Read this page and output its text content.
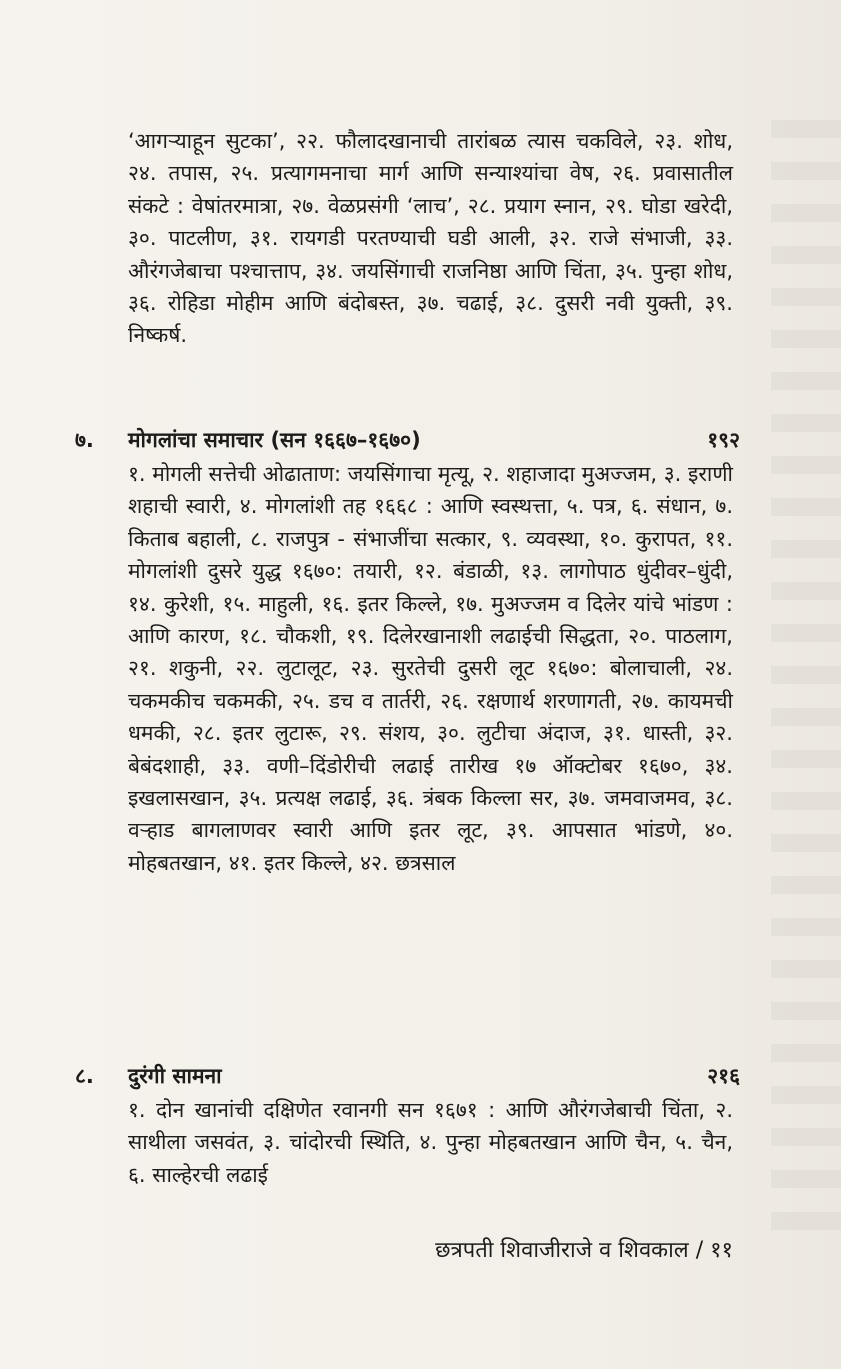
‘आगऱ्याहून सुटका’, २२. फौलादखानाची तारांबळ त्यास चकविले, २३. शोध, २४. तपास, २५. प्रत्यागमनाचा मार्ग आणि सन्याश्यांचा वेष, २६. प्रवासातील संकटे : वेषांतरमात्रा, २७. वेळप्रसंगी ‘लाच’, २८. प्रयाग स्नान, २९. घोडा खरेदी, ३०. पाटलीण, ३१. रायगडी परतण्याची घडी आली, ३२. राजे संभाजी, ३३. औरंगजेबाचा पश्चात्ताप, ३४. जयसिंगाची राजनिष्ठा आणि चिंता, ३५. पुन्हा शोध, ३६. रोहिडा मोहीम आणि बंदोबस्त, ३७. चढाई, ३८. दुसरी नवी युक्ती, ३९. निष्कर्ष.

७. मोगलांचा समाचार (सन १६६७–१६७०)	१९२

१. मोगली सत्तेची ओढाताण: जयसिंगाचा मृत्यू, २. शहाजादा मुअज्जम, ३. इराणी शहाची स्वारी, ४. मोगलांशी तह १६६८ : आणि स्वस्थत्ता, ५. पत्र, ६. संधान, ७. किताब बहाली, ८. राजपुत्र - संभाजींचा सत्कार, ९. व्यवस्था, १०. कुरापत, ११. मोगलांशी दुसरे युद्ध १६७०: तयारी, १२. बंडाळी, १३. लागोपाठ धुंदीवर–धुंदी, १४. कुरेशी, १५. माहुली, १६. इतर किल्ले, १७. मुअज्जम व दिलेर यांचे भांडण : आणि कारण, १८. चौकशी, १९. दिलेरखानाशी लढाईची सिद्धता, २०. पाठलाग, २१. शकुनी, २२. लुटालूट, २३. सुरतेची दुसरी लूट १६७०: बोलाचाली, २४. चकमकीच चकमकी, २५. डच व तार्तरी, २६. रक्षणार्थ शरणागती, २७. कायमची धमकी, २८. इतर लुटारू, २९. संशय, ३०. लुटीचा अंदाज, ३१. धास्ती, ३२. बेबंदशाही, ३३. वणी–दिंडोरीची लढाई तारीख १७ ऑक्टोबर १६७०, ३४. इखलासखान, ३५. प्रत्यक्ष लढाई, ३६. त्रंबक किल्ला सर, ३७. जमवाजमव, ३८. वऱ्हाड बागलाणवर स्वारी आणि इतर लूट, ३९. आपसात भांडणे, ४०. मोहबतखान, ४१. इतर किल्ले, ४२. छत्रसाल

८. दुरंगी सामना	२१६

१. दोन खानांची दक्षिणेत रवानगी सन १६७१ : आणि औरंगजेबाची चिंता, २. साथीला जसवंत, ३. चांदोरची स्थिति, ४. पुन्हा मोहबतखान आणि चैन, ५. चैन, ६. साल्हेरची लढाई

छत्रपती शिवाजीराजे व शिवकाल / ११
